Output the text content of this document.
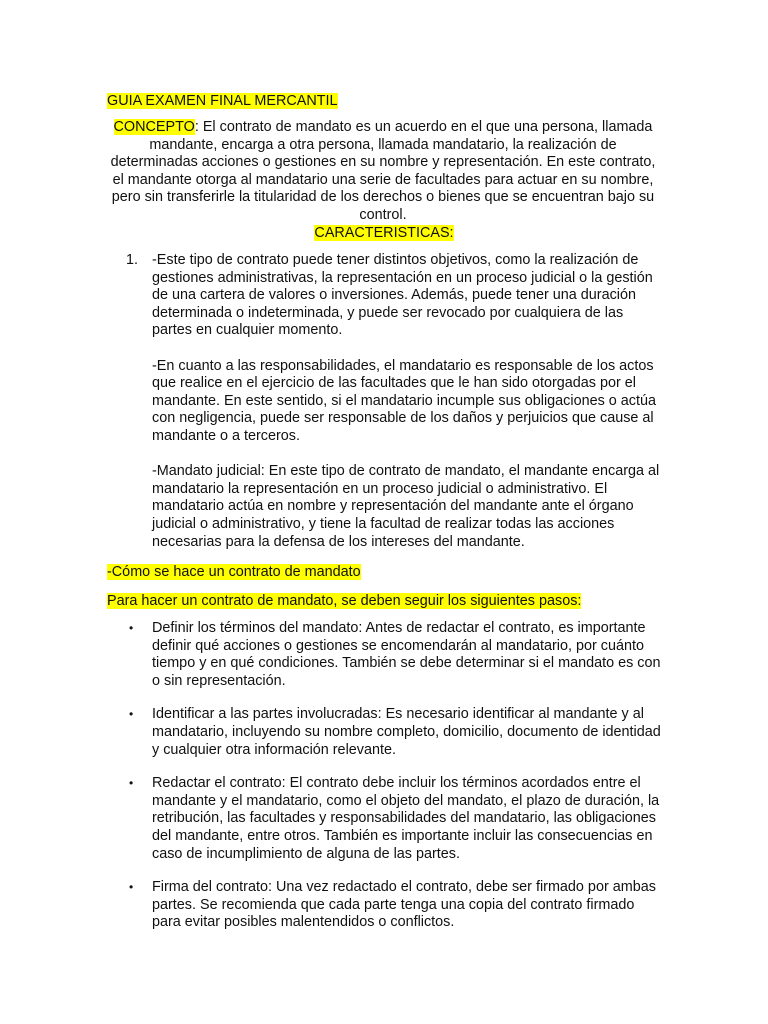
GUIA EXAMEN FINAL MERCANTIL
CONCEPTO: El contrato de mandato es un acuerdo en el que una persona, llamada mandante, encarga a otra persona, llamada mandatario, la realización de determinadas acciones o gestiones en su nombre y representación. En este contrato, el mandante otorga al mandatario una serie de facultades para actuar en su nombre, pero sin transferirle la titularidad de los derechos o bienes que se encuentran bajo su control.
CARACTERISTICAS:
1. -Este tipo de contrato puede tener distintos objetivos, como la realización de gestiones administrativas, la representación en un proceso judicial o la gestión de una cartera de valores o inversiones. Además, puede tener una duración determinada o indeterminada, y puede ser revocado por cualquiera de las partes en cualquier momento.

-En cuanto a las responsabilidades, el mandatario es responsable de los actos que realice en el ejercicio de las facultades que le han sido otorgadas por el mandante. En este sentido, si el mandatario incumple sus obligaciones o actúa con negligencia, puede ser responsable de los daños y perjuicios que cause al mandante o a terceros.

-Mandato judicial: En este tipo de contrato de mandato, el mandante encarga al mandatario la representación en un proceso judicial o administrativo. El mandatario actúa en nombre y representación del mandante ante el órgano judicial o administrativo, y tiene la facultad de realizar todas las acciones necesarias para la defensa de los intereses del mandante.

-Cómo se hace un contrato de mandato
Para hacer un contrato de mandato, se deben seguir los siguientes pasos:
• Definir los términos del mandato: Antes de redactar el contrato, es importante definir qué acciones o gestiones se encomendarán al mandatario, por cuánto tiempo y en qué condiciones. También se debe determinar si el mandato es con o sin representación.
• Identificar a las partes involucradas: Es necesario identificar al mandante y al mandatario, incluyendo su nombre completo, domicilio, documento de identidad y cualquier otra información relevante.
• Redactar el contrato: El contrato debe incluir los términos acordados entre el mandante y el mandatario, como el objeto del mandato, el plazo de duración, la retribución, las facultades y responsabilidades del mandatario, las obligaciones del mandante, entre otros. También es importante incluir las consecuencias en caso de incumplimiento de alguna de las partes.
• Firma del contrato: Una vez redactado el contrato, debe ser firmado por ambas partes. Se recomienda que cada parte tenga una copia del contrato firmado para evitar posibles malentendidos o conflictos.
